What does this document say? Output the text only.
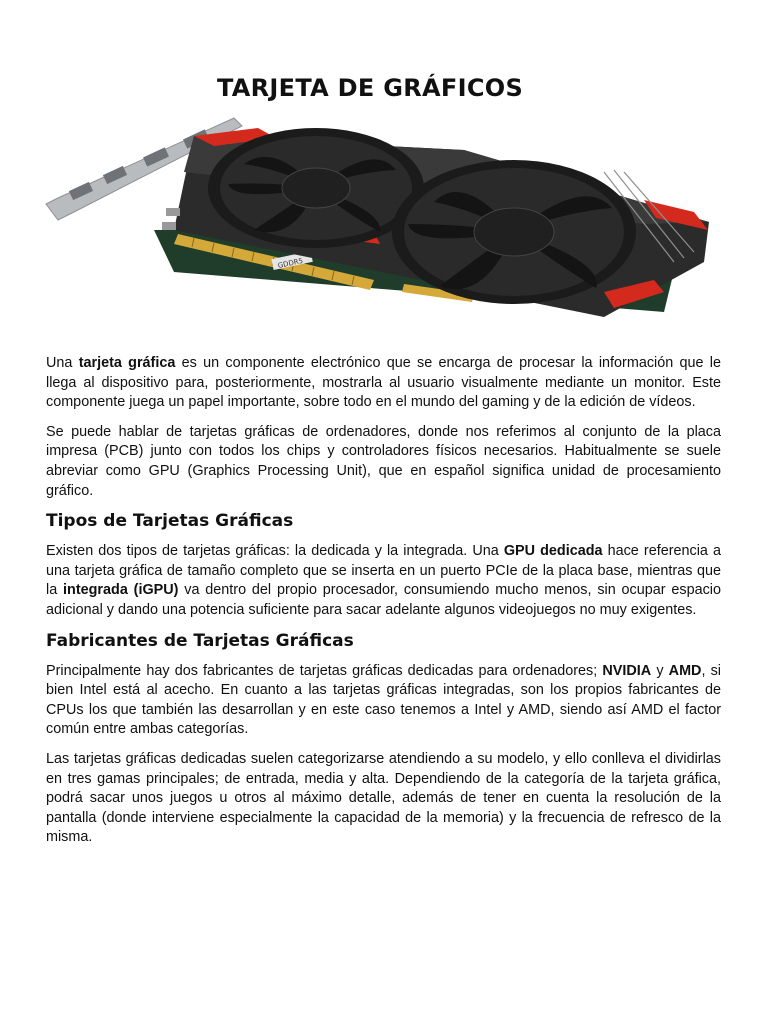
TARJETA DE GRÁFICOS
GDDR5

Una tarjeta gráfica es un componente electrónico que se encarga de procesar la información que le llega al dispositivo para, posteriormente, mostrarla al usuario visualmente mediante un monitor. Este componente juega un papel importante, sobre todo en el mundo del gaming y de la edición de vídeos.

Se puede hablar de tarjetas gráficas de ordenadores, donde nos referimos al conjunto de la placa impresa (PCB) junto con todos los chips y controladores físicos necesarios. Habitualmente se suele abreviar como GPU (Graphics Processing Unit), que en español significa unidad de procesamiento gráfico.

Tipos de Tarjetas Gráficas

Existen dos tipos de tarjetas gráficas: la dedicada y la integrada. Una GPU dedicada hace referencia a una tarjeta gráfica de tamaño completo que se inserta en un puerto PCIe de la placa base, mientras que la integrada (iGPU) va dentro del propio procesador, consumiendo mucho menos, sin ocupar espacio adicional y dando una potencia suficiente para sacar adelante algunos videojuegos no muy exigentes.

Fabricantes de Tarjetas Gráficas

Principalmente hay dos fabricantes de tarjetas gráficas dedicadas para ordenadores; NVIDIA y AMD, si bien Intel está al acecho. En cuanto a las tarjetas gráficas integradas, son los propios fabricantes de CPUs los que también las desarrollan y en este caso tenemos a Intel y AMD, siendo así AMD el factor común entre ambas categorías.

Las tarjetas gráficas dedicadas suelen categorizarse atendiendo a su modelo, y ello conlleva el dividirlas en tres gamas principales; de entrada, media y alta. Dependiendo de la categoría de la tarjeta gráfica, podrá sacar unos juegos u otros al máximo detalle, además de tener en cuenta la resolución de la pantalla (donde interviene especialmente la capacidad de la memoria) y la frecuencia de refresco de la misma.
